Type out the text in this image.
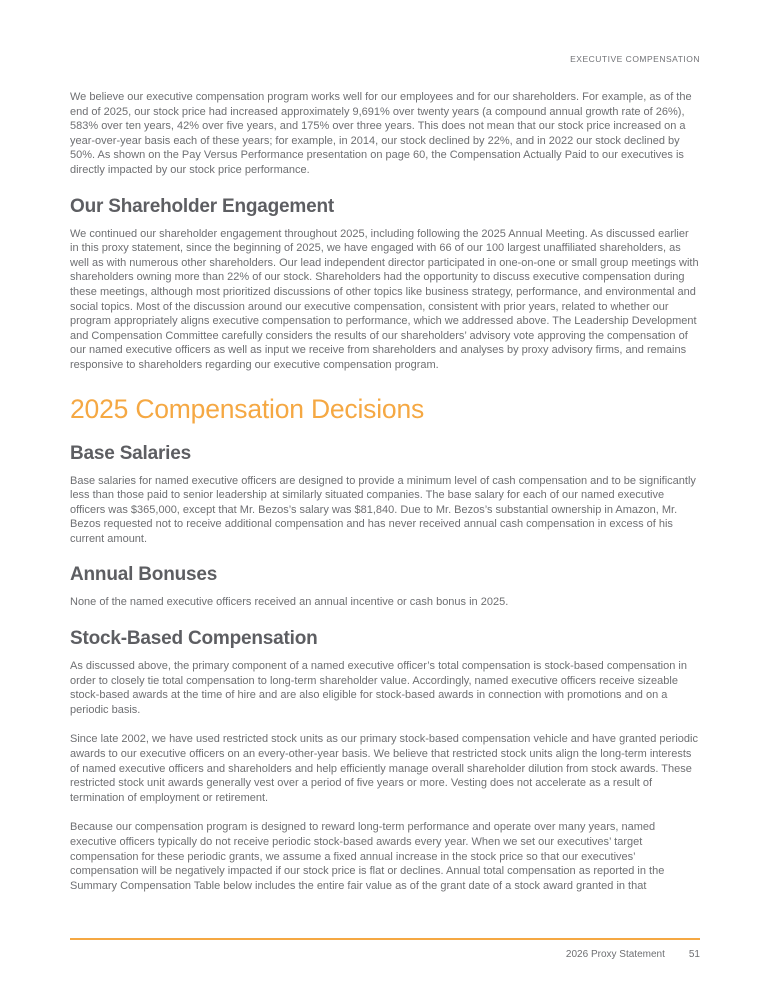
EXECUTIVE COMPENSATION

We believe our executive compensation program works well for our employees and for our shareholders. For example, as of the end of 2025, our stock price had increased approximately 9,691% over twenty years (a compound annual growth rate of 26%), 583% over ten years, 42% over five years, and 175% over three years. This does not mean that our stock price increased on a year-over-year basis each of these years; for example, in 2014, our stock declined by 22%, and in 2022 our stock declined by 50%. As shown on the Pay Versus Performance presentation on page 60, the Compensation Actually Paid to our executives is directly impacted by our stock price performance.

Our Shareholder Engagement

We continued our shareholder engagement throughout 2025, including following the 2025 Annual Meeting. As discussed earlier in this proxy statement, since the beginning of 2025, we have engaged with 66 of our 100 largest unaffiliated shareholders, as well as with numerous other shareholders. Our lead independent director participated in one-on-one or small group meetings with shareholders owning more than 22% of our stock. Shareholders had the opportunity to discuss executive compensation during these meetings, although most prioritized discussions of other topics like business strategy, performance, and environmental and social topics. Most of the discussion around our executive compensation, consistent with prior years, related to whether our program appropriately aligns executive compensation to performance, which we addressed above. The Leadership Development and Compensation Committee carefully considers the results of our shareholders’ advisory vote approving the compensation of our named executive officers as well as input we receive from shareholders and analyses by proxy advisory firms, and remains responsive to shareholders regarding our executive compensation program.

2025 Compensation Decisions
Base Salaries

Base salaries for named executive officers are designed to provide a minimum level of cash compensation and to be significantly less than those paid to senior leadership at similarly situated companies. The base salary for each of our named executive officers was $365,000, except that Mr. Bezos’s salary was $81,840. Due to Mr. Bezos’s substantial ownership in Amazon, Mr. Bezos requested not to receive additional compensation and has never received annual cash compensation in excess of his current amount.

Annual Bonuses

None of the named executive officers received an annual incentive or cash bonus in 2025.

Stock-Based Compensation

As discussed above, the primary component of a named executive officer’s total compensation is stock-based compensation in order to closely tie total compensation to long-term shareholder value. Accordingly, named executive officers receive sizeable stock-based awards at the time of hire and are also eligible for stock-based awards in connection with promotions and on a periodic basis.

Since late 2002, we have used restricted stock units as our primary stock-based compensation vehicle and have granted periodic awards to our executive officers on an every-other-year basis. We believe that restricted stock units align the long-term interests of named executive officers and shareholders and help efficiently manage overall shareholder dilution from stock awards. These restricted stock unit awards generally vest over a period of five years or more. Vesting does not accelerate as a result of termination of employment or retirement.

Because our compensation program is designed to reward long-term performance and operate over many years, named executive officers typically do not receive periodic stock-based awards every year. When we set our executives’ target compensation for these periodic grants, we assume a fixed annual increase in the stock price so that our executives’ compensation will be negatively impacted if our stock price is flat or declines. Annual total compensation as reported in the Summary Compensation Table below includes the entire fair value as of the grant date of a stock award granted in that

2026 Proxy Statement 51
